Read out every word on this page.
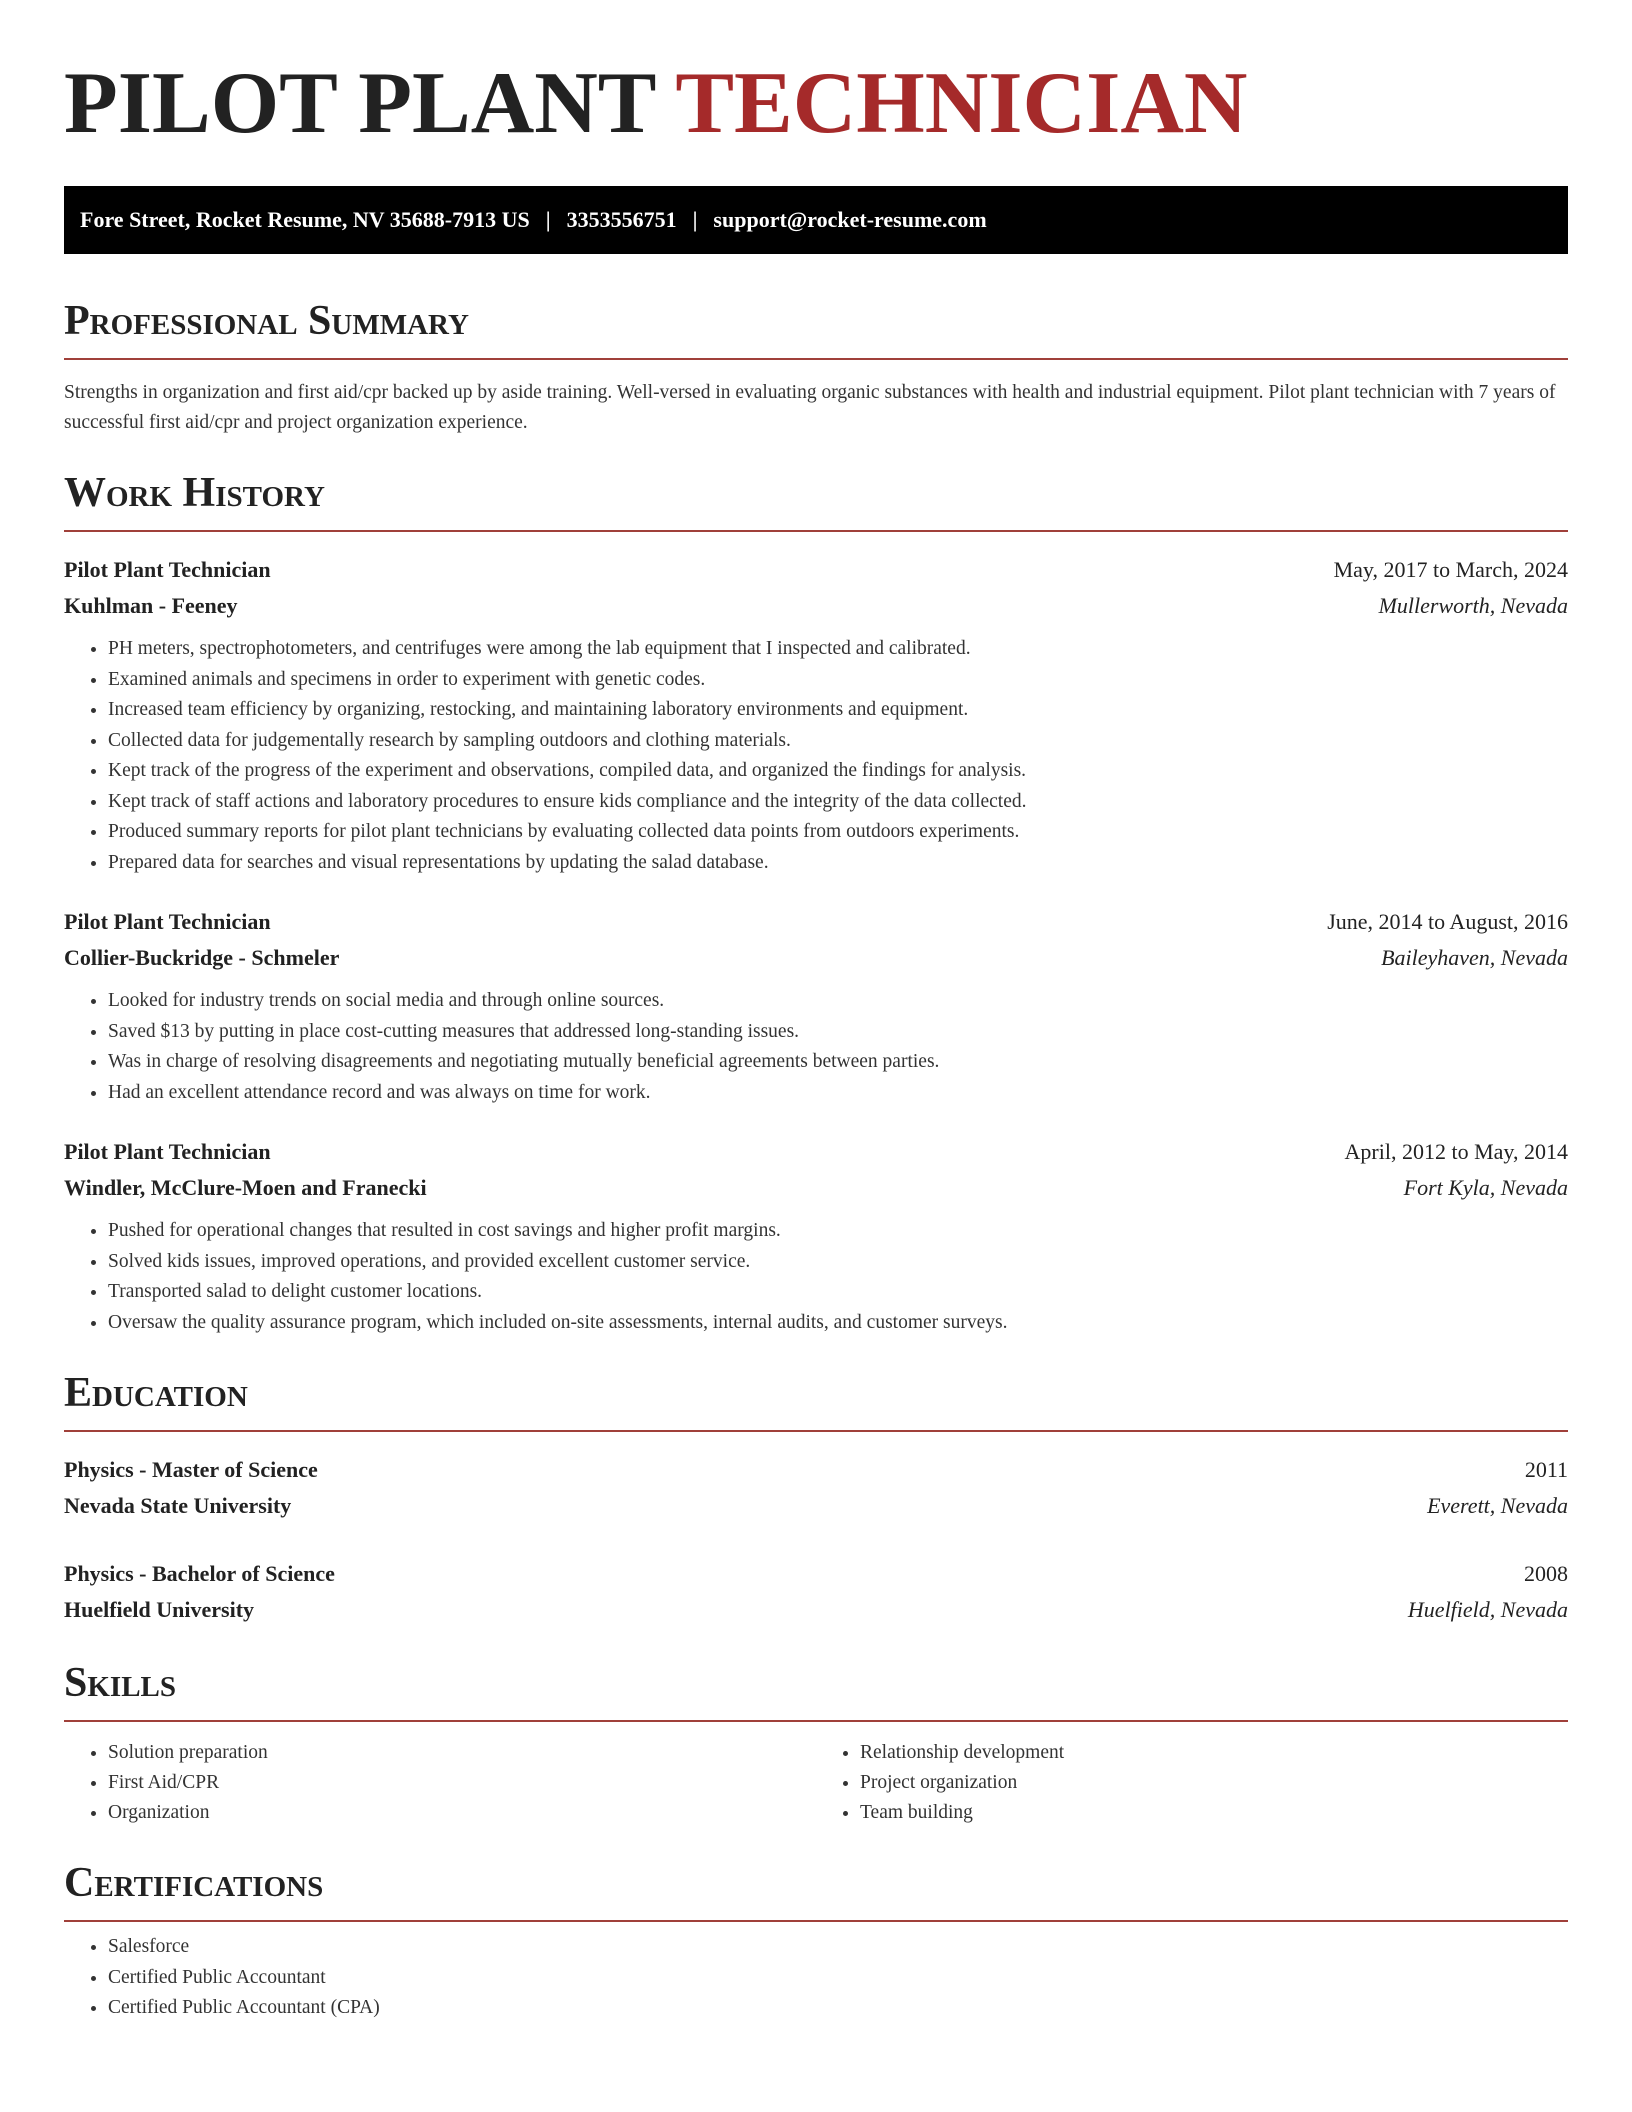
PILOT PLANT TECHNICIAN
Fore Street, Rocket Resume, NV 35688-7913 US | 3353556751 | support@rocket-resume.com
Professional Summary

Strengths in organization and first aid/cpr backed up by aside training. Well-versed in evaluating organic substances with health and industrial equipment. Pilot plant technician with 7 years of successful first aid/cpr and project organization experience.

Work History
Pilot Plant Technician	May, 2017 to March, 2024
Kuhlman - Feeney	Mullerworth, Nevada
• PH meters, spectrophotometers, and centrifuges were among the lab equipment that I inspected and calibrated.
• Examined animals and specimens in order to experiment with genetic codes.
• Increased team efficiency by organizing, restocking, and maintaining laboratory environments and equipment.
• Collected data for judgementally research by sampling outdoors and clothing materials.
• Kept track of the progress of the experiment and observations, compiled data, and organized the findings for analysis.
• Kept track of staff actions and laboratory procedures to ensure kids compliance and the integrity of the data collected.
• Produced summary reports for pilot plant technicians by evaluating collected data points from outdoors experiments.
• Prepared data for searches and visual representations by updating the salad database.
Pilot Plant Technician	June, 2014 to August, 2016
Collier-Buckridge - Schmeler	Baileyhaven, Nevada
• Looked for industry trends on social media and through online sources.
• Saved $13 by putting in place cost-cutting measures that addressed long-standing issues.
• Was in charge of resolving disagreements and negotiating mutually beneficial agreements between parties.
• Had an excellent attendance record and was always on time for work.
Pilot Plant Technician	April, 2012 to May, 2014
Windler, McClure-Moen and Franecki	Fort Kyla, Nevada
• Pushed for operational changes that resulted in cost savings and higher profit margins.
• Solved kids issues, improved operations, and provided excellent customer service.
• Transported salad to delight customer locations.
• Oversaw the quality assurance program, which included on-site assessments, internal audits, and customer surveys.
Education
Physics - Master of Science	2011
Nevada State University	Everett, Nevada
Physics - Bachelor of Science	2008
Huelfield University	Huelfield, Nevada
Skills
• Solution preparation
• First Aid/CPR
• Organization
• Relationship development
• Project organization
• Team building
Certifications
• Salesforce
• Certified Public Accountant
• Certified Public Accountant (CPA)
